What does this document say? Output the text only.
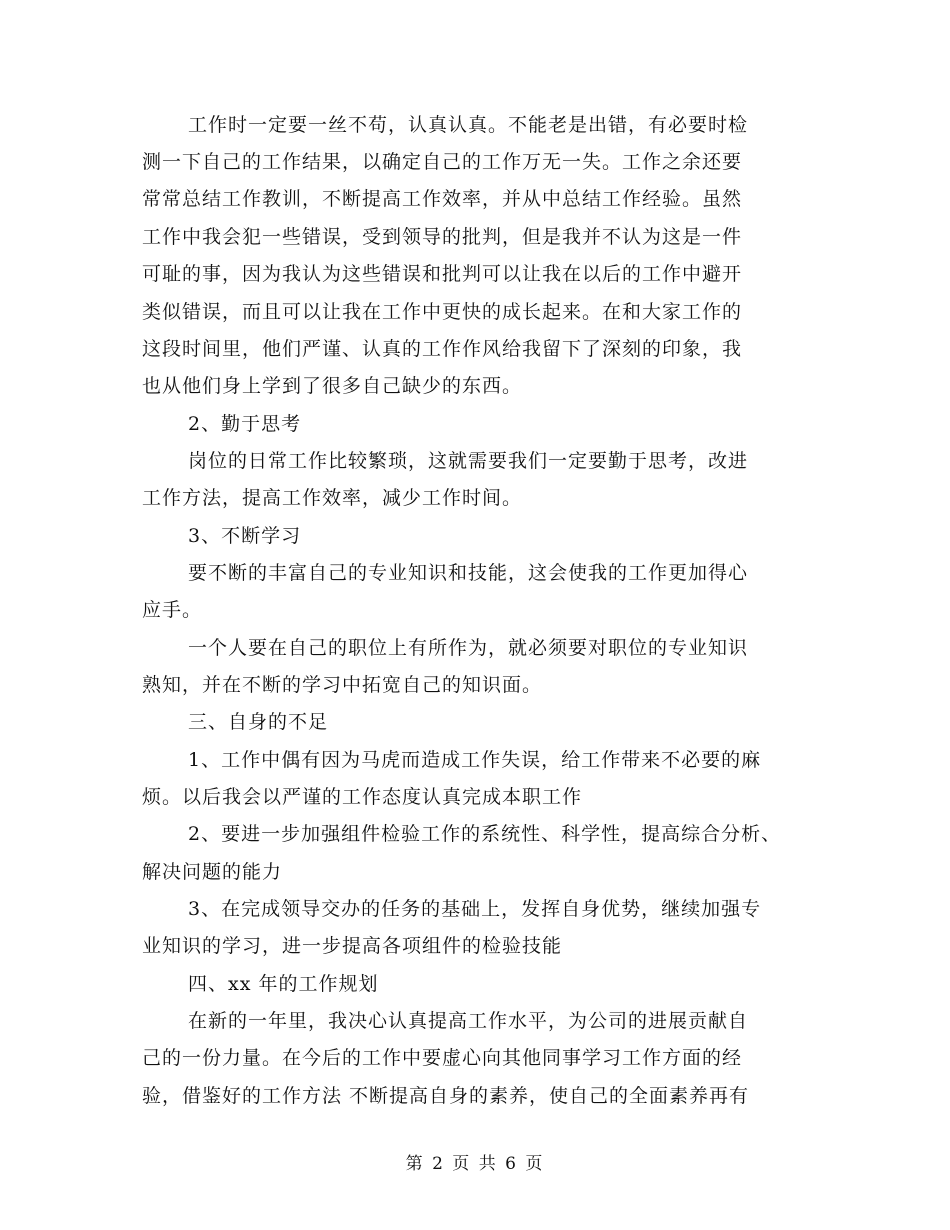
工作时一定要一丝不苟，认真认真。不能老是出错，有必要时检
测一下自己的工作结果，以确定自己的工作万无一失。工作之余还要
常常总结工作教训，不断提高工作效率，并从中总结工作经验。虽然
工作中我会犯一些错误，受到领导的批判，但是我并不认为这是一件
可耻的事，因为我认为这些错误和批判可以让我在以后的工作中避开
类似错误，而且可以让我在工作中更快的成长起来。在和大家工作的
这段时间里，他们严谨、认真的工作作风给我留下了深刻的印象，我
也从他们身上学到了很多自己缺少的东西。
2、勤于思考
岗位的日常工作比较繁琐，这就需要我们一定要勤于思考，改进
工作方法，提高工作效率，减少工作时间。
3、不断学习
要不断的丰富自己的专业知识和技能，这会使我的工作更加得心
应手。
一个人要在自己的职位上有所作为，就必须要对职位的专业知识
熟知，并在不断的学习中拓宽自己的知识面。
三、自身的不足
1、工作中偶有因为马虎而造成工作失误，给工作带来不必要的麻
烦。以后我会以严谨的工作态度认真完成本职工作
2、要进一步加强组件检验工作的系统性、科学性，提高综合分析、
解决问题的能力
3、在完成领导交办的任务的基础上，发挥自身优势，继续加强专
业知识的学习，进一步提高各项组件的检验技能
四、xx 年的工作规划
在新的一年里，我决心认真提高工作水平，为公司的进展贡献自
己的一份力量。在今后的工作中要虚心向其他同事学习工作方面的经
验，借鉴好的工作方法 不断提高自身的素养，使自己的全面素养再有
第 2 页 共 6 页
